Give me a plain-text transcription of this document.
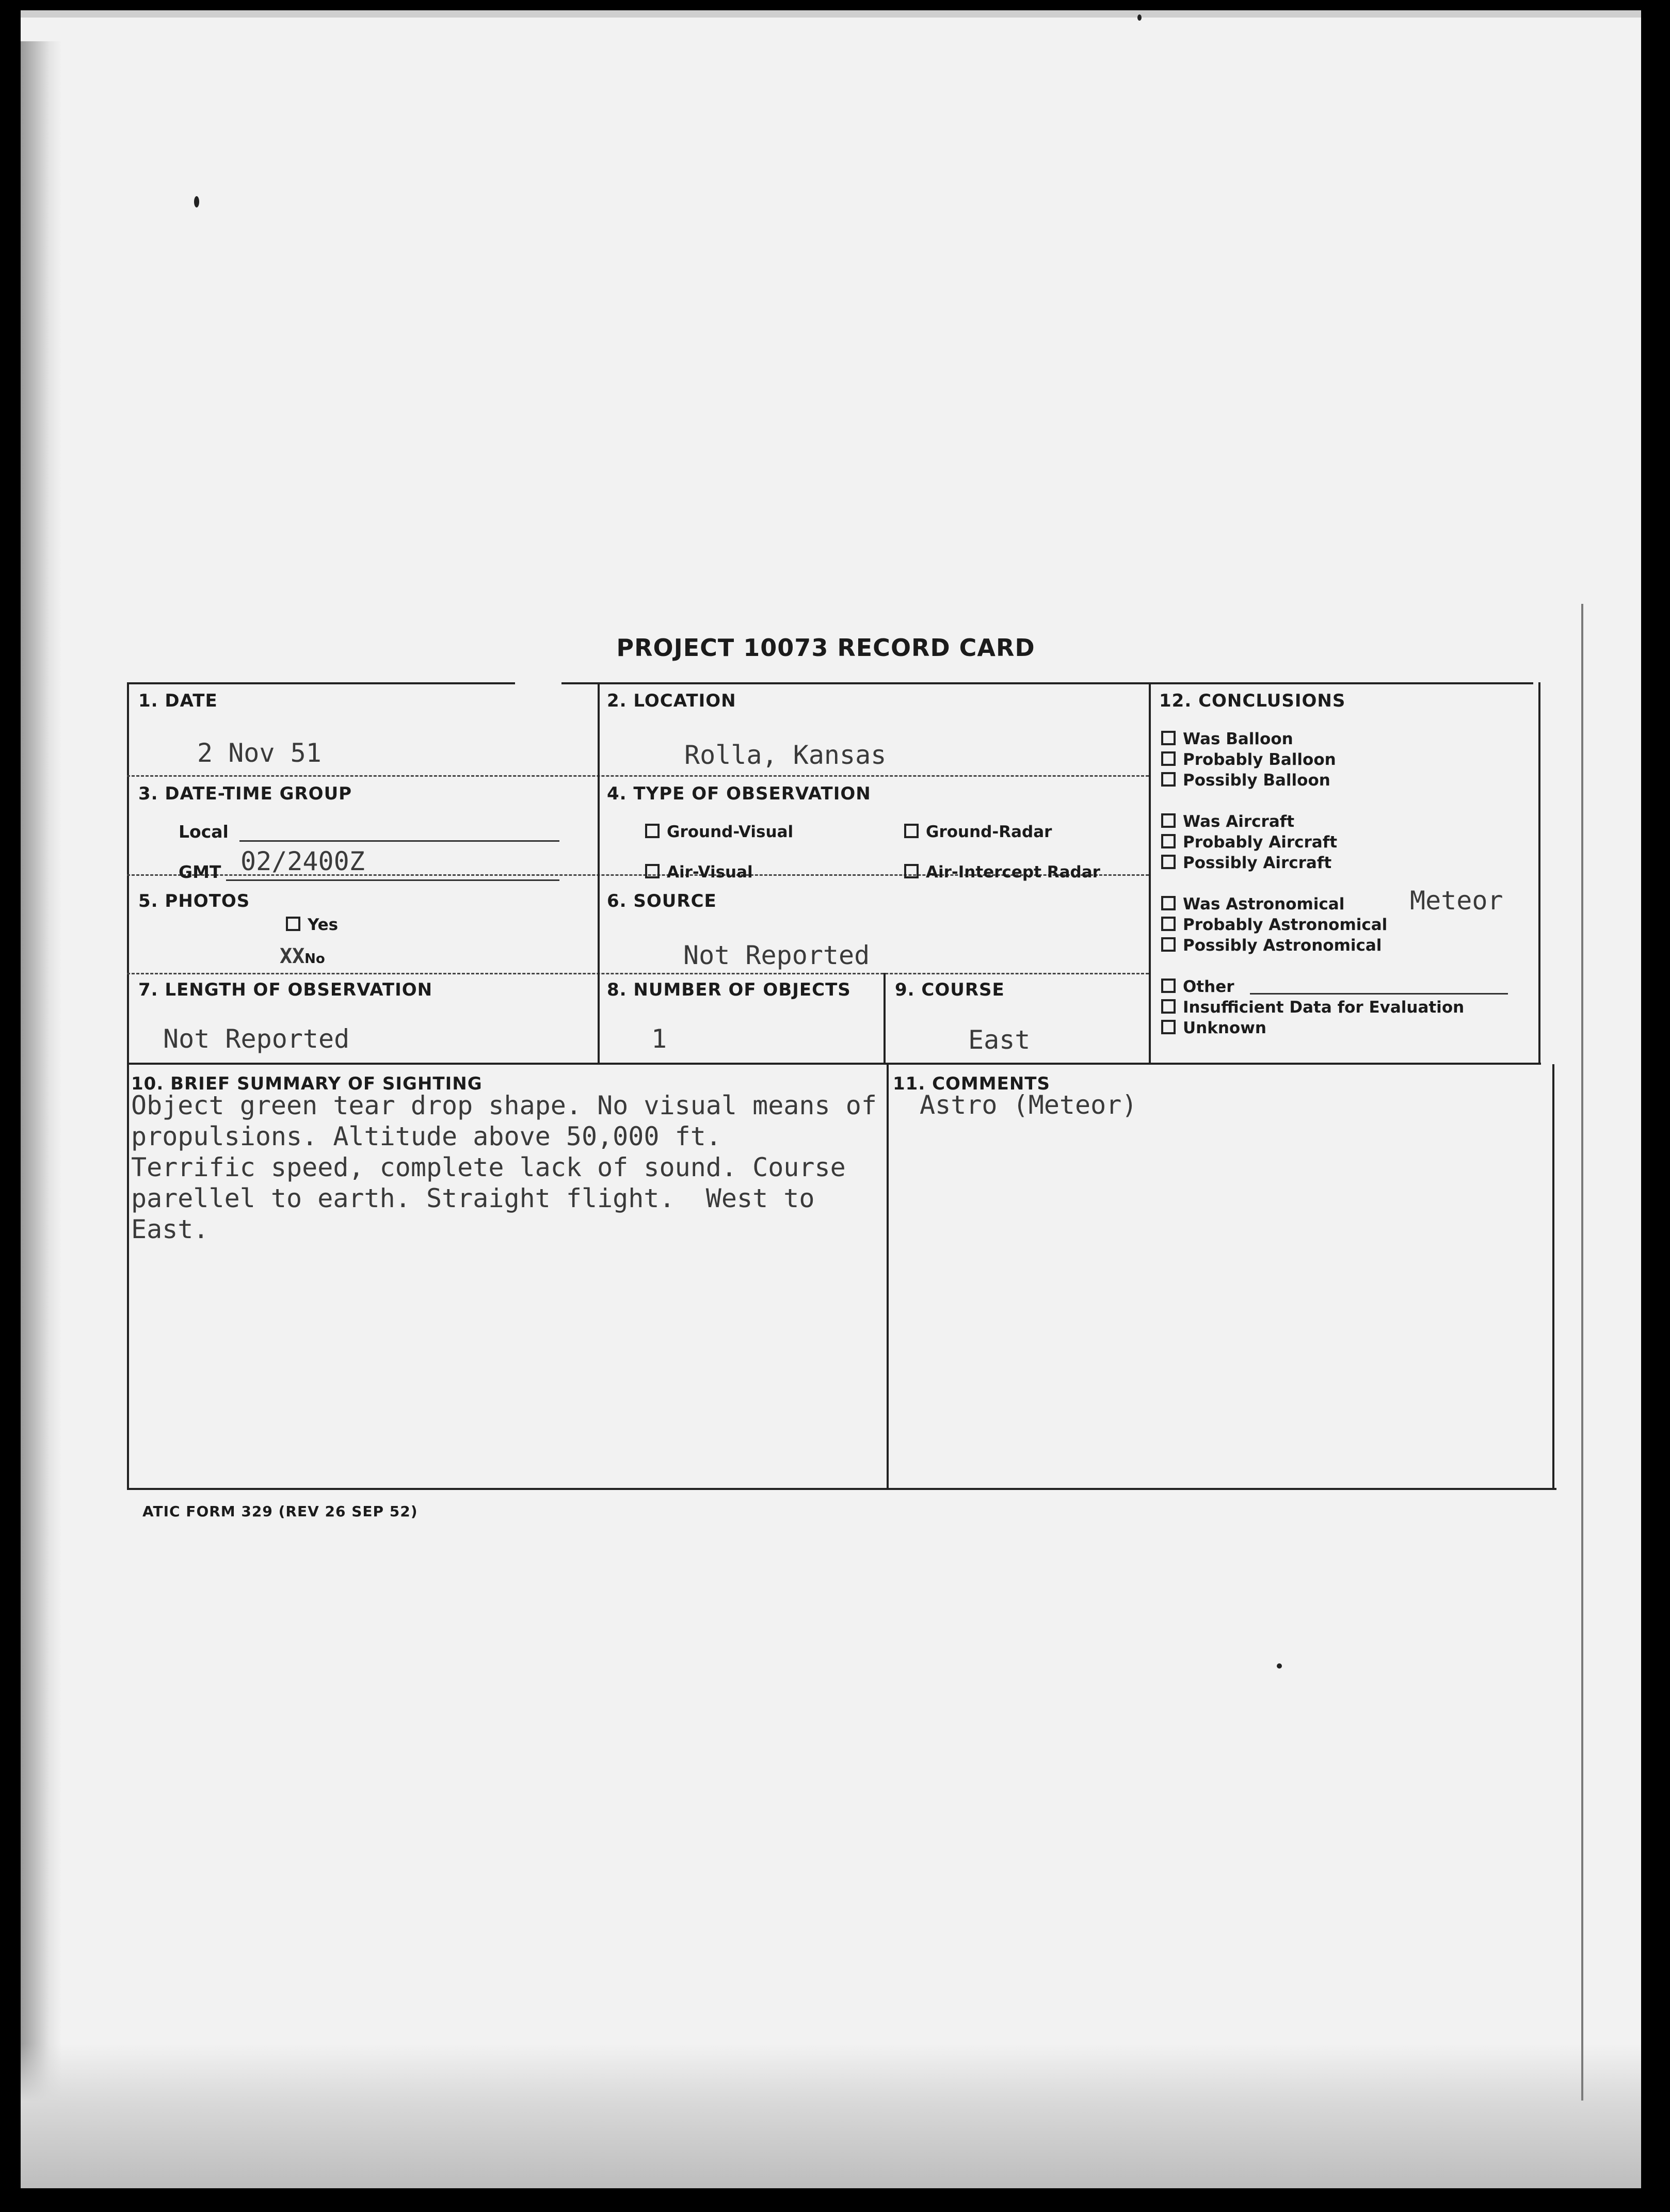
PROJECT 10073 RECORD CARD
1. DATE
2 Nov 51
2. LOCATION
Rolla, Kansas
3. DATE-TIME GROUP
Local
GMT 02/2400Z
4. TYPE OF OBSERVATION
Ground-Visual	Ground-Radar
Air-Visual	Air-Intercept Radar
5. PHOTOS
Yes
XXNo
6. SOURCE
Not Reported
7. LENGTH OF OBSERVATION
Not Reported
8. NUMBER OF OBJECTS
1
9. COURSE
East
12. CONCLUSIONS
Was Balloon
Probably Balloon
Possibly Balloon
Was Aircraft
Probably Aircraft
Possibly Aircraft
Was Astronomical	Meteor
Probably Astronomical
Possibly Astronomical
Other
Insufficient Data for Evaluation
Unknown
10. BRIEF SUMMARY OF SIGHTING
Object green tear drop shape. No visual means of
propulsions. Altitude above 50,000 ft.
Terrific speed, complete lack of sound. Course
parellel to earth. Straight flight.  West to
East.
11. COMMENTS
Astro (Meteor)
ATIC FORM 329 (REV 26 SEP 52)
